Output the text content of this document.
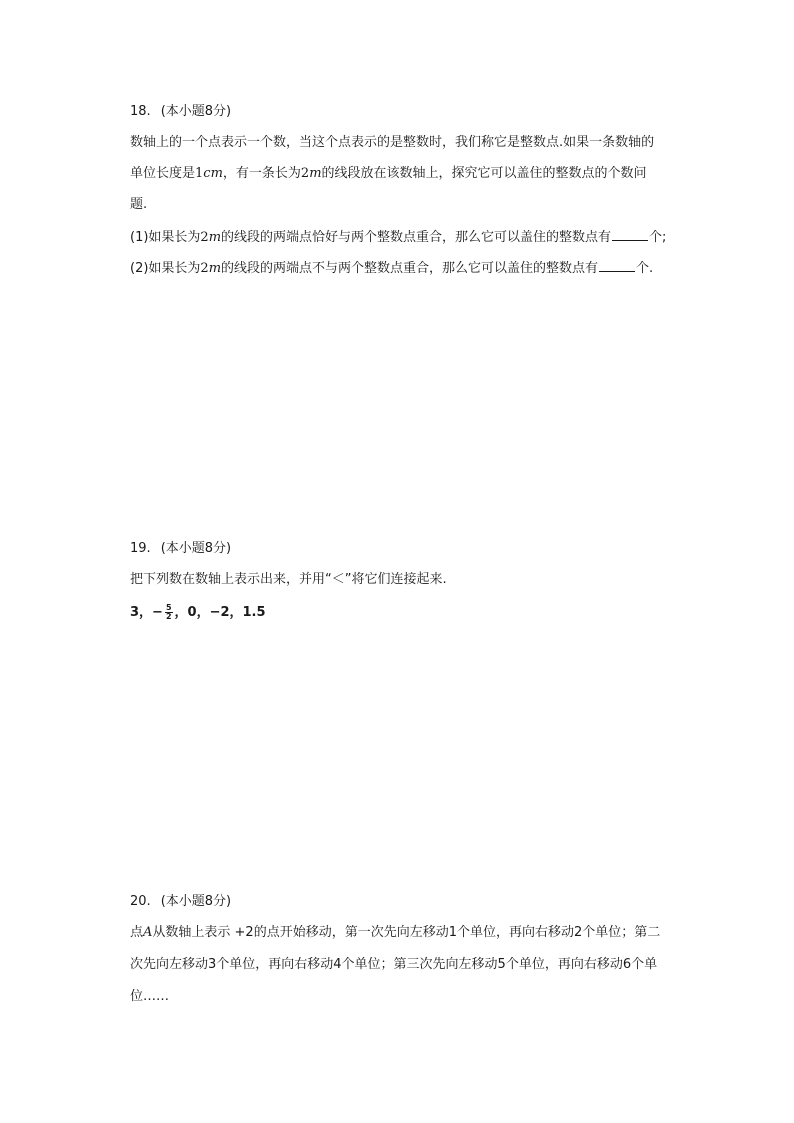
18. (本小题8分)
数轴上的一个点表示一个数，当这个点表示的是整数时，我们称它是整数点.如果一条数轴的
单位长度是1cm，有一条长为2m的线段放在该数轴上，探究它可以盖住的整数点的个数问
题.
(1)如果长为2m的线段的两端点恰好与两个整数点重合，那么它可以盖住的整数点有	个;
(2)如果长为2m的线段的两端点不与两个整数点重合，那么它可以盖住的整数点有	个.
19. (本小题8分)
把下列数在数轴上表示出来，并用“＜”将它们连接起来.
3，− $\frac{5}{2}$ ，0，−2，1.5
20. (本小题8分)
点A从数轴上表示 +2的点开始移动，第一次先向左移动1个单位，再向右移动2个单位；第二
次先向左移动3个单位，再向右移动4个单位；第三次先向左移动5个单位，再向右移动6个单
位……
